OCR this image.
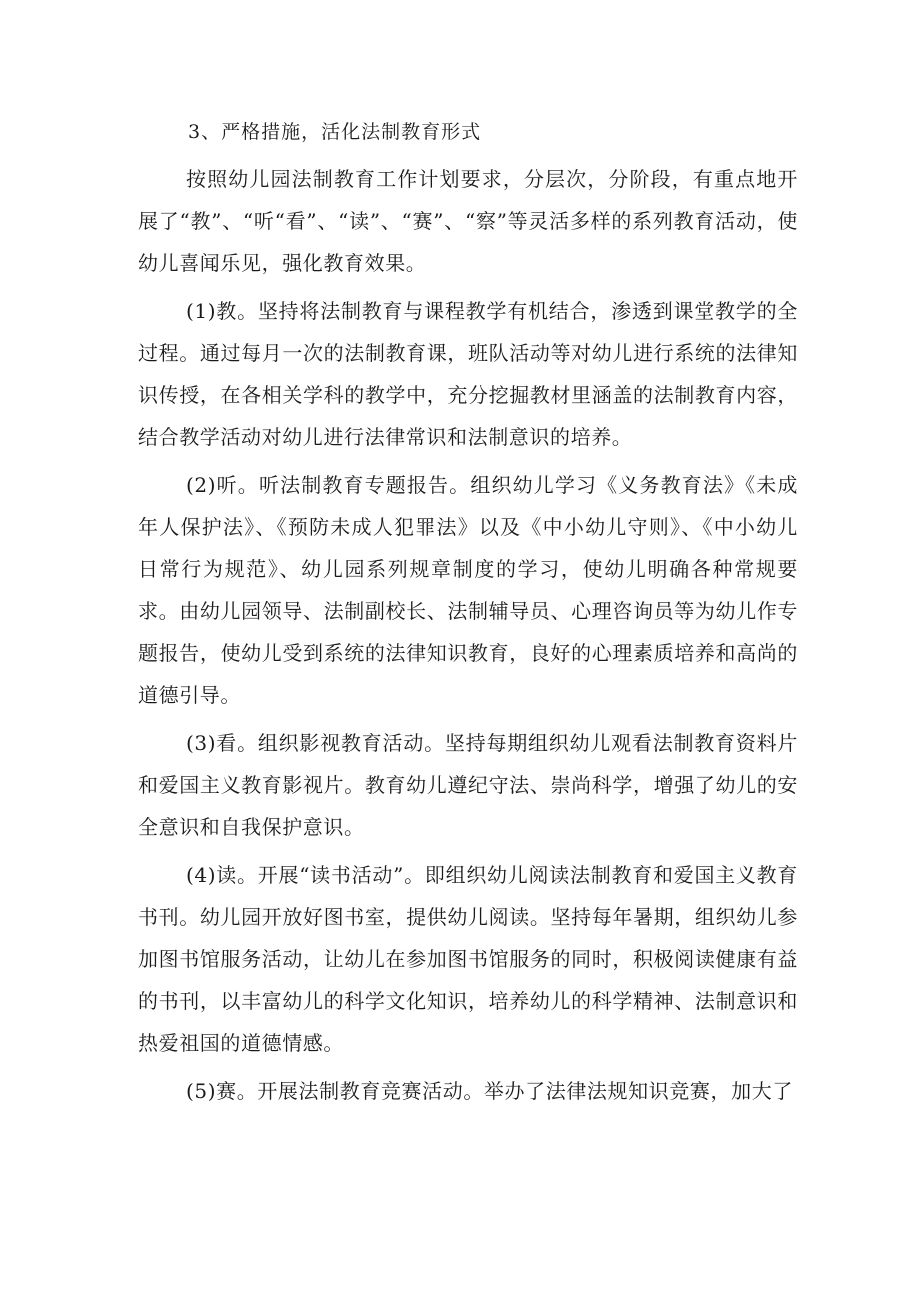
3、严格措施，活化法制教育形式

按照幼儿园法制教育工作计划要求，分层次，分阶段，有重点地开展了“教”、“听“看”、“读”、“赛”、“察”等灵活多样的系列教育活动，使幼儿喜闻乐见，强化教育效果。

(1)教。坚持将法制教育与课程教学有机结合，渗透到课堂教学的全过程。通过每月一次的法制教育课，班队活动等对幼儿进行系统的法律知识传授，在各相关学科的教学中，充分挖掘教材里涵盖的法制教育内容，结合教学活动对幼儿进行法律常识和法制意识的培养。

(2)听。听法制教育专题报告。组织幼儿学习《义务教育法》《未成年人保护法》、《预防未成人犯罪法》以及《中小幼儿守则》、《中小幼儿日常行为规范》、幼儿园系列规章制度的学习，使幼儿明确各种常规要求。由幼儿园领导、法制副校长、法制辅导员、心理咨询员等为幼儿作专题报告，使幼儿受到系统的法律知识教育，良好的心理素质培养和高尚的道德引导。

(3)看。组织影视教育活动。坚持每期组织幼儿观看法制教育资料片和爱国主义教育影视片。教育幼儿遵纪守法、崇尚科学，增强了幼儿的安全意识和自我保护意识。

(4)读。开展“读书活动”。即组织幼儿阅读法制教育和爱国主义教育书刊。幼儿园开放好图书室，提供幼儿阅读。坚持每年暑期，组织幼儿参加图书馆服务活动，让幼儿在参加图书馆服务的同时，积极阅读健康有益的书刊，以丰富幼儿的科学文化知识，培养幼儿的科学精神、法制意识和热爱祖国的道德情感。

(5)赛。开展法制教育竞赛活动。举办了法律法规知识竞赛，加大了
